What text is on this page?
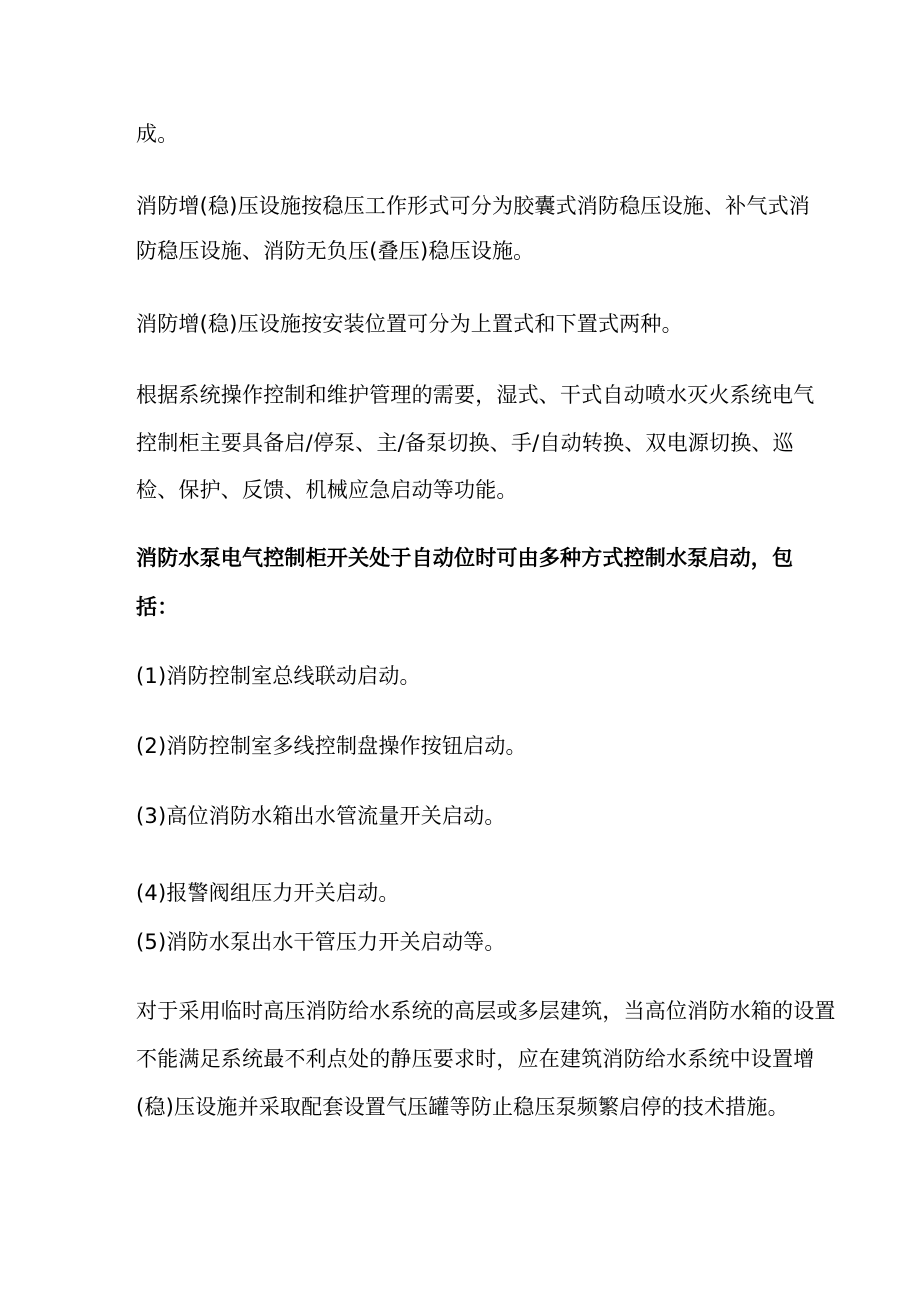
成。
消防增(稳)压设施按稳压工作形式可分为胶囊式消防稳压设施、补气式消
防稳压设施、消防无负压(叠压)稳压设施。
消防增(稳)压设施按安装位置可分为上置式和下置式两种。
根据系统操作控制和维护管理的需要，湿式、干式自动喷水灭火系统电气
控制柜主要具备启/停泵、主/备泵切换、手/自动转换、双电源切换、巡
检、保护、反馈、机械应急启动等功能。
消防水泵电气控制柜开关处于自动位时可由多种方式控制水泵启动，包
括：
(1)消防控制室总线联动启动。
(2)消防控制室多线控制盘操作按钮启动。
(3)高位消防水箱出水管流量开关启动。
(4)报警阀组压力开关启动。
(5)消防水泵出水干管压力开关启动等。
对于采用临时高压消防给水系统的高层或多层建筑，当高位消防水箱的设置
不能满足系统最不利点处的静压要求时，应在建筑消防给水系统中设置增
(稳)压设施并采取配套设置气压罐等防止稳压泵频繁启停的技术措施。
